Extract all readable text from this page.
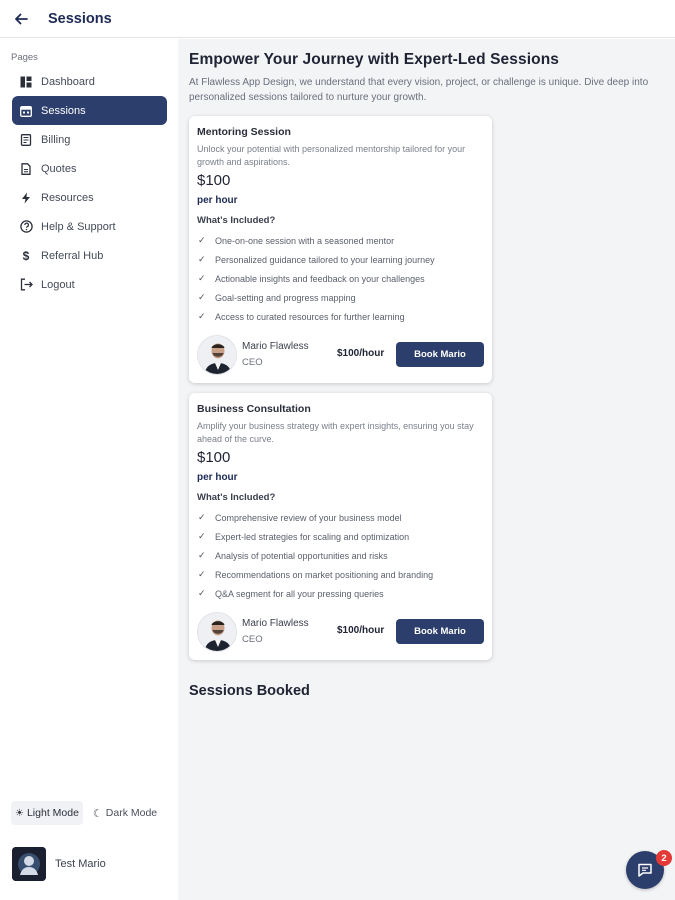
Sessions
Pages
Dashboard
Sessions
Billing
Quotes
Resources
Help & Support
$	Referral Hub
Logout
☀ Light Mode ☾ Dark Mode
Test Mario
Empower Your Journey with Expert-Led Sessions
At Flawless App Design, we understand that every vision, project, or challenge is unique. Dive deep into personalized sessions tailored to nurture your growth.
Mentoring Session
Unlock your potential with personalized mentorship tailored for your growth and aspirations.
$100
per hour
What's Included?
✓ One-on-one session with a seasoned mentor
✓ Personalized guidance tailored to your learning journey
✓ Actionable insights and feedback on your challenges
✓ Goal-setting and progress mapping
✓ Access to curated resources for further learning
Mario Flawless
CEO
$100/hour	Book Mario
Business Consultation
Amplify your business strategy with expert insights, ensuring you stay ahead of the curve.
$100
per hour
What's Included?
✓ Comprehensive review of your business model
✓ Expert-led strategies for scaling and optimization
✓ Analysis of potential opportunities and risks
✓ Recommendations on market positioning and branding
✓ Q&A segment for all your pressing queries
Mario Flawless
CEO
$100/hour	Book Mario
Sessions Booked
2
